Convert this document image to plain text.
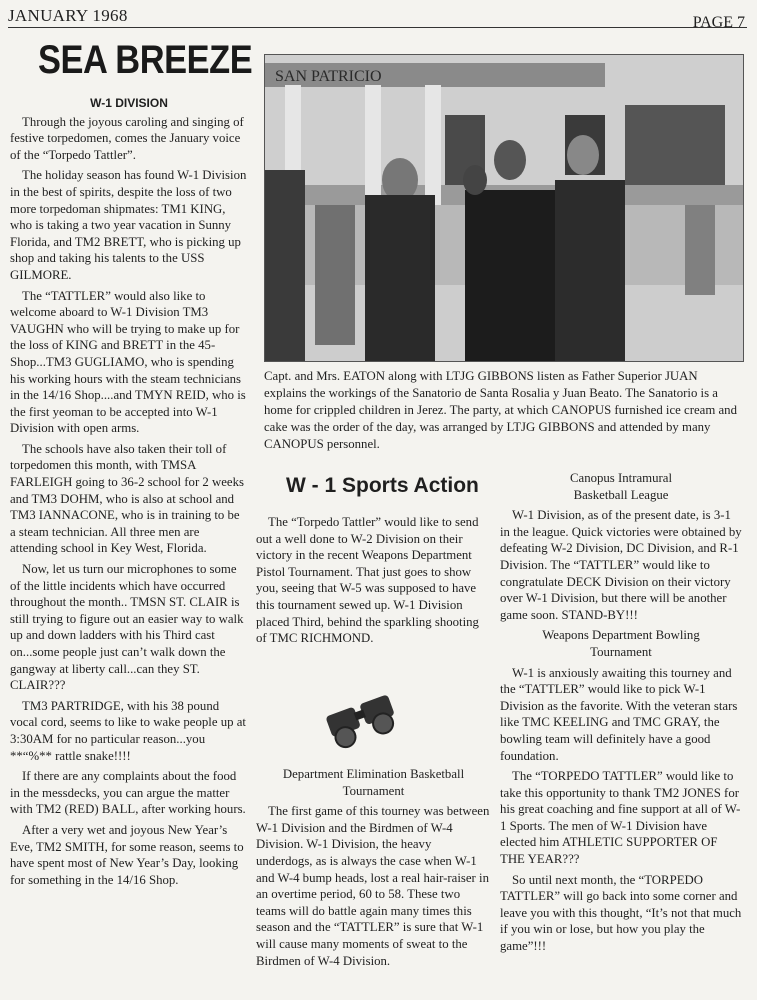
JANUARY 1968	PAGE 7
SEA BREEZE
W-1 DIVISION

Through the joyous caroling and singing of festive torpedomen, comes the January voice of the “Torpedo Tattler”.

The holiday season has found W-1 Division in the best of spirits, despite the loss of two more torpedoman shipmates: TM1 KING, who is taking a two year vacation in Sunny Florida, and TM2 BRETT, who is picking up shop and taking his talents to the USS GILMORE.

The “TATTLER” would also like to welcome aboard to W-1 Division TM3 VAUGHN who will be trying to make up for the loss of KING and BRETT in the 45-Shop...TM3 GUGLIAMO, who is spending his working hours with the steam technicians in the 14/16 Shop....and TMYN REID, who is the first yeoman to be accepted into W-1 Division with open arms.

The schools have also taken their toll of torpedomen this month, with TMSA FARLEIGH going to 36-2 school for 2 weeks and TM3 DOHM, who is also at school and TM3 IANNACONE, who is in training to be a steam technician. All three men are attending school in Key West, Florida.

Now, let us turn our microphones to some of the little incidents which have occurred throughout the month.. TMSN ST. CLAIR is still trying to figure out an easier way to walk up and down ladders with his Third cast on...some people just can’t walk down the gangway at liberty call...can they ST. CLAIR???

TM3 PARTRIDGE, with his 38 pound vocal cord, seems to like to wake people up at 3:30AM for no particular reason...you **“%** rattle snake!!!!

If there are any complaints about the food in the messdecks, you can argue the matter with TM2 (RED) BALL, after working hours.

After a very wet and joyous New Year’s Eve, TM2 SMITH, for some reason, seems to have spent most of New Year’s Day, looking for something in the 14/16 Shop.

SAN PATRICIO
Capt. and Mrs. EATON along with LTJG GIBBONS listen as Father Superior JUAN explains the workings of the Sanatorio de Santa Rosalia y Juan Beato. The Sanatorio is a home for crippled children in Jerez. The party, at which CANOPUS furnished ice cream and cake was the order of the day, was arranged by LTJG GIBBONS and attended by many CANOPUS personnel.
W - 1 Sports Action

The “Torpedo Tattler” would like to send out a well done to W-2 Division on their victory in the recent Weapons Department Pistol Tournament. That just goes to show you, seeing that W-5 was supposed to have this tournament sewed up. W-1 Division placed Third, behind the sparkling shooting of TMC RICHMOND.

Department Elimination Basketball Tournament

The first game of this tourney was between W-1 Division and the Birdmen of W-4 Division. W-1 Division, the heavy underdogs, as is always the case when W-1 and W-4 bump heads, lost a real hair-raiser in an overtime period, 60 to 58. These two teams will do battle again many times this season and the “TATTLER” is sure that W-1 will cause many moments of sweat to the Birdmen of W-4 Division.

Canopus Intramural Basketball League

W-1 Division, as of the present date, is 3-1 in the league. Quick victories were obtained by defeating W-2 Division, DC Division, and R-1 Division. The “TATTLER” would like to congratulate DECK Division on their victory over W-1 Division, but there will be another game soon. STAND-BY!!!

Weapons Department Bowling Tournament

W-1 is anxiously awaiting this tourney and the “TATTLER” would like to pick W-1 Division as the favorite. With the veteran stars like TMC KEELING and TMC GRAY, the bowling team will definitely have a good foundation.

The “TORPEDO TATTLER” would like to take this opportunity to thank TM2 JONES for his great coaching and fine support at all of W-1 Sports. The men of W-1 Division have elected him ATHLETIC SUPPORTER OF THE YEAR???

So until next month, the “TORPEDO TATTLER” will go back into some corner and leave you with this thought, “It’s not that much if you win or lose, but how you play the game”!!!
